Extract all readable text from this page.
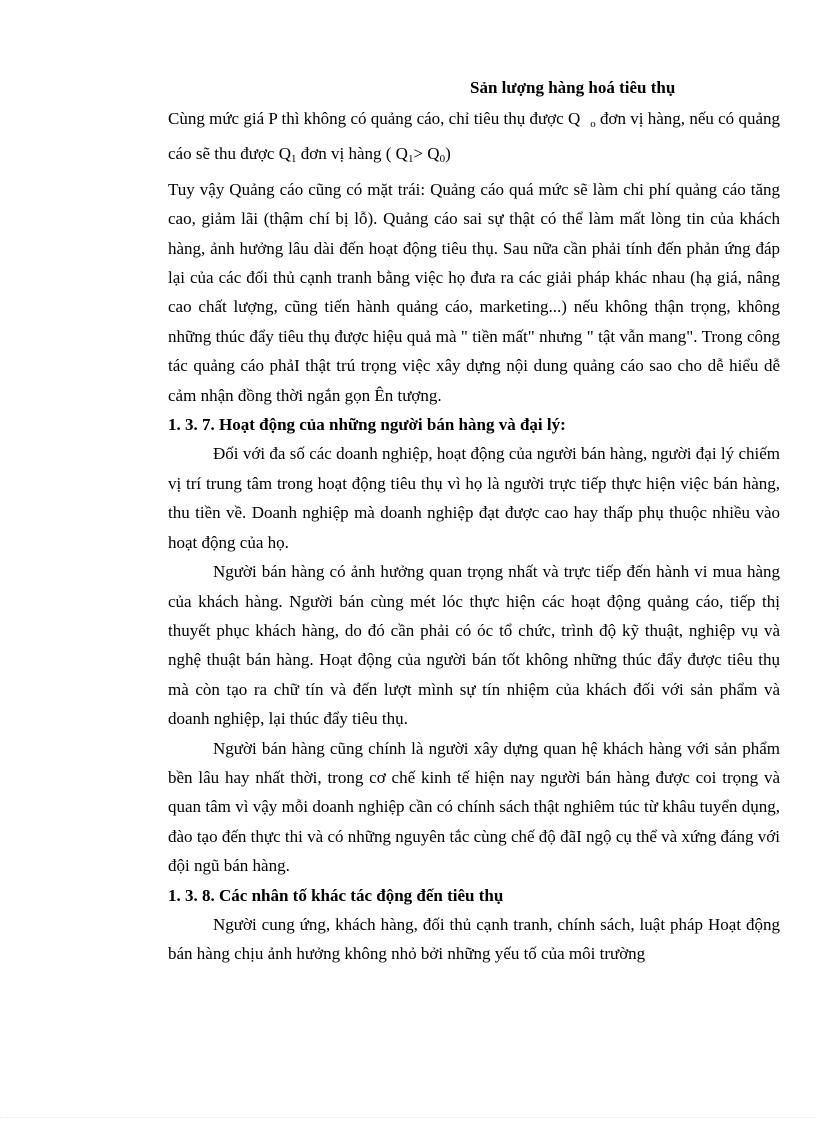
Sản lượng hàng hoá tiêu thụ

Cùng mức giá P thì không có quảng cáo, chỉ tiêu thụ được Q $_o$ đơn vị hàng, nếu có quảng cáo sẽ thu được $Q_1$ đơn vị hàng ( $Q_1> Q_0$)

Tuy vậy Quảng cáo cũng có mặt trái: Quảng cáo quá mức sẽ làm chi phí quảng cáo tăng cao, giảm lãi (thậm chí bị lỗ). Quảng cáo sai sự thật có thể làm mất lòng tin của khách hàng, ảnh hưởng lâu dài đến hoạt động tiêu thụ. Sau nữa cần phải tính đến phản ứng đáp lại của các đối thủ cạnh tranh bằng việc họ đưa ra các giải pháp khác nhau (hạ giá, nâng cao chất lượng, cũng tiến hành quảng cáo, marketing...) nếu không thận trọng, không những thúc đẩy tiêu thụ được hiệu quả mà " tiền mất" nhưng " tật vẫn mang". Trong công tác quảng cáo phảI thật trú trọng việc xây dựng nội dung quảng cáo sao cho dễ hiểu dễ cảm nhận đồng thời ngắn gọn Ên tượng.

1. 3. 7. Hoạt động của những người bán hàng và đại lý:

Đối với đa số các doanh nghiệp, hoạt động của người bán hàng, người đại lý chiếm vị trí trung tâm trong hoạt động tiêu thụ vì họ là người trực tiếp thực hiện việc bán hàng, thu tiền về. Doanh nghiệp mà doanh nghiệp đạt được cao hay thấp phụ thuộc nhiều vào hoạt động của họ.

Người bán hàng có ảnh hưởng quan trọng nhất và trực tiếp đến hành vi mua hàng của khách hàng. Người bán cùng mét lóc thực hiện các hoạt động quảng cáo, tiếp thị thuyết phục khách hàng, do đó cần phải có óc tổ chức, trình độ kỹ thuật, nghiệp vụ và nghệ thuật bán hàng. Hoạt động của người bán tốt không những thúc đẩy được tiêu thụ mà còn tạo ra chữ tín và đến lượt mình sự tín nhiệm của khách đối với sản phẩm và doanh nghiệp, lại thúc đẩy tiêu thụ.

Người bán hàng cũng chính là người xây dựng quan hệ khách hàng với sản phẩm bền lâu hay nhất thời, trong cơ chế kinh tế hiện nay người bán hàng được coi trọng và quan tâm vì vậy mỗi doanh nghiệp cần có chính sách thật nghiêm túc từ khâu tuyển dụng, đào tạo đến thực thi và có những nguyên tắc cùng chế độ đãI ngộ cụ thể và xứng đáng với đội ngũ bán hàng.

1. 3. 8. Các nhân tố khác tác động đến tiêu thụ

Người cung ứng, khách hàng, đối thủ cạnh tranh, chính sách, luật pháp Hoạt động bán hàng chịu ảnh hưởng không nhỏ bởi những yếu tố của môi trường
